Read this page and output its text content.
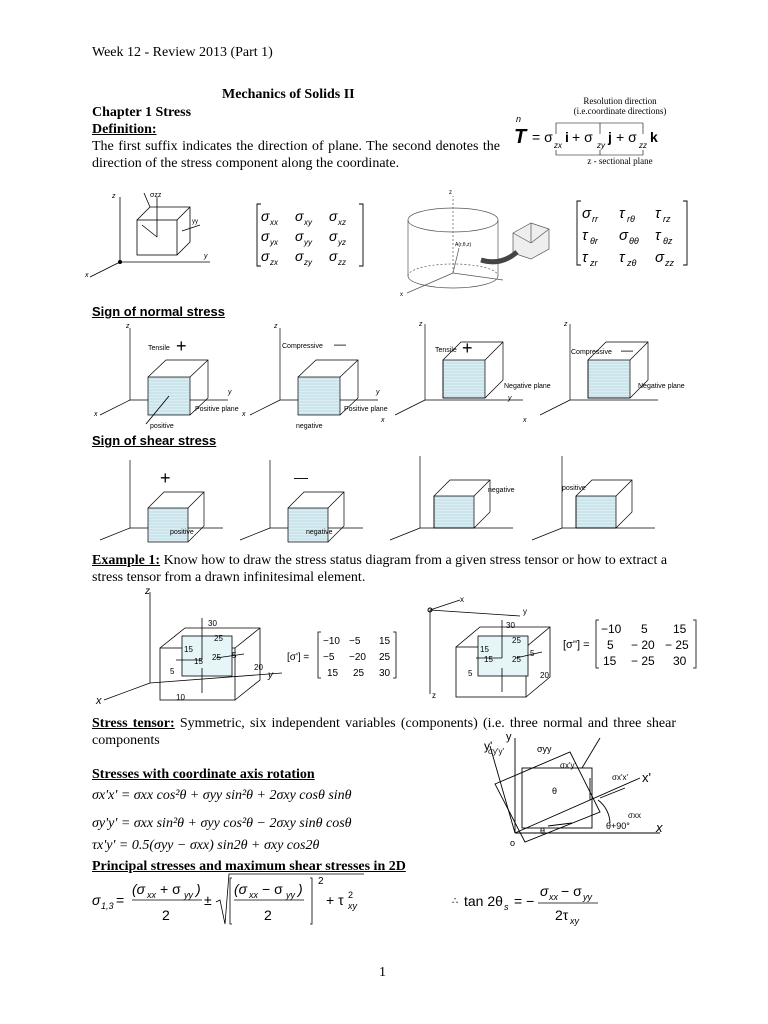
Week 12 - Review 2013 (Part 1)
Mechanics of Solids II
Chapter 1 Stress
Definition:
The first suffix indicates the direction of plane. The second denotes the direction of the stress component along the coordinate.
Resolution direction
(i.e.coordinate directions)
n
T = σ
zx
i + σ
zy
j + σ
zz
k
z - sectional plane
z
y
x
σzz
yy	σ xx σ xy σ xz
σ yx σ yy σ yz
σ zx σ zy σ zz
z
x
A(r,θ,z)
σ rr τ rθ τ rz
τ θr σ θθ τ θz
τ zr τ zθ σ zz
Sign of normal stress
Tensile +
z
y
x
Positive plane
positive
Compressive —
z
y
x
Positive plane
negative
Tensile +
Negative plane
z
x
y
Compressive —
Negative plane
z
x
Sign of shear stress
+
positive
—
negative
negative	positive
Example 1: Know how to draw the stress status diagram from a given stress tensor or how to extract a stress tensor from a drawn infinitesimal element.
z
x
y
30
25
15
25 5
15
5	20
10
[σ'] =
−10 −5 15
−5 −20 25
15 25 30
x
y
z
30
25
15
25
5
15
5	20
[σ''] =
−10 5 15
5 − 20 − 25
15 − 25 30
Stress tensor: Symmetric, six independent variables (components) (i.e. three normal and three shear components
Stresses with coordinate axis rotation
σx'x' = σxx cos²θ + σyy sin²θ + 2σxy cosθ sinθ
σy'y' = σxx sin²θ + σyy cos²θ − 2σxy sinθ cosθ
τx'y' = 0.5(σyy − σxx) sin2θ + σxy cos2θ
y'
y
σy'y'	σyy
σx'y'
σx'x' x'
x
σxx
θ+90°
θ
θ
o
Principal stresses and maximum shear stresses in 2D
σ 1,3 =
(σ xx + σ yy )
2
±
(σ xx − σ yy )
2
2
+ τ xy
2
∴ tan 2θ s = −
σ xx − σ yy
2τ xy
1
